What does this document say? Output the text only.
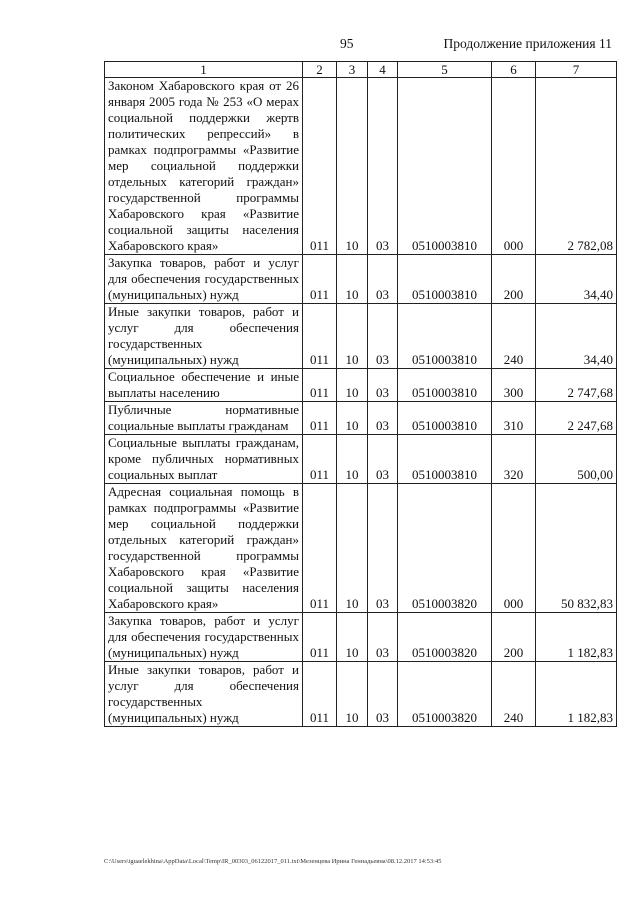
95	Продолжение приложения 11
1	2	3	4	5	6	7
Законом Хабаровского края от 26 января 2005 года № 253 «О мерах социальной поддержки жертв политических репрессий» в рамках подпрограммы «Развитие мер социальной поддержки отдельных категорий граждан» государственной программы Хабаровского края «Развитие социальной защиты населения Хабаровского края»	011	10	03	0510003810	000	2 782,08
Закупка товаров, работ и услуг для обеспечения государственных (муниципальных) нужд	011	10	03	0510003810	200	34,40
Иные закупки товаров, работ и услуг для обеспечения государственных (муниципальных) нужд	011	10	03	0510003810	240	34,40
Социальное обеспечение и иные выплаты населению	011	10	03	0510003810	300	2 747,68
Публичные нормативные социальные выплаты гражданам	011	10	03	0510003810	310	2 247,68
Социальные выплаты гражданам, кроме публичных нормативных социальных выплат	011	10	03	0510003810	320	500,00
Адресная социальная помощь в рамках подпрограммы «Развитие мер социальной поддержки отдельных категорий граждан» государственной программы Хабаровского края «Развитие социальной защиты населения Хабаровского края»	011	10	03	0510003820	000	50 832,83
Закупка товаров, работ и услуг для обеспечения государственных (муниципальных) нужд	011	10	03	0510003820	200	1 182,83
Иные закупки товаров, работ и услуг для обеспечения государственных (муниципальных) нужд	011	10	03	0510003820	240	1 182,83
C:\Users\iguaelekhina\AppData\Local\Temp\IR_00303_06122017_011.txt\Мезенцева Ирина Геннадьевна\08.12.2017 14:53:45
